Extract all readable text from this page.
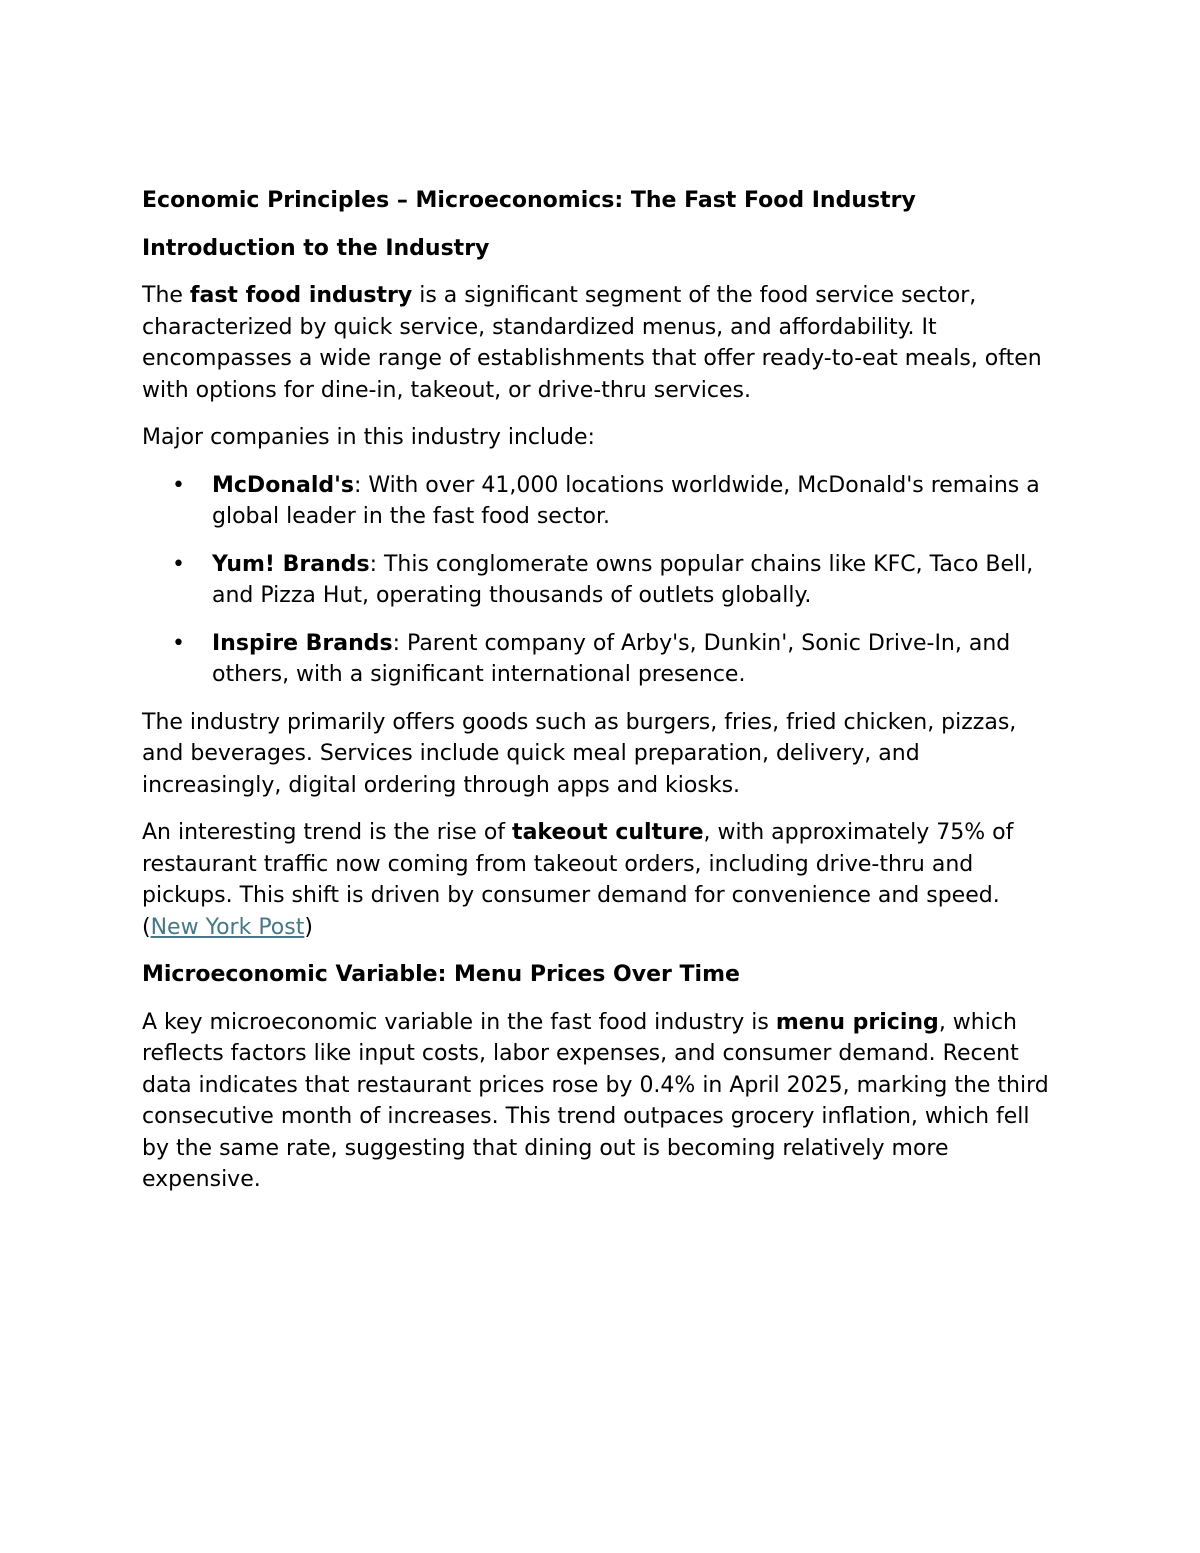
Economic Principles – Microeconomics: The Fast Food Industry

Introduction to the Industry

The fast food industry is a significant segment of the food service sector, characterized by quick service, standardized menus, and affordability. It encompasses a wide range of establishments that offer ready-to-eat meals, often with options for dine-in, takeout, or drive-thru services.

Major companies in this industry include:

• McDonald's: With over 41,000 locations worldwide, McDonald's remains a global leader in the fast food sector.
• Yum! Brands: This conglomerate owns popular chains like KFC, Taco Bell, and Pizza Hut, operating thousands of outlets globally.
• Inspire Brands: Parent company of Arby's, Dunkin', Sonic Drive-In, and others, with a significant international presence.

The industry primarily offers goods such as burgers, fries, fried chicken, pizzas, and beverages. Services include quick meal preparation, delivery, and increasingly, digital ordering through apps and kiosks.

An interesting trend is the rise of takeout culture, with approximately 75% of restaurant traffic now coming from takeout orders, including drive-thru and pickups. This shift is driven by consumer demand for convenience and speed. (New York Post)

Microeconomic Variable: Menu Prices Over Time

A key microeconomic variable in the fast food industry is menu pricing, which reflects factors like input costs, labor expenses, and consumer demand. Recent data indicates that restaurant prices rose by 0.4% in April 2025, marking the third consecutive month of increases. This trend outpaces grocery inflation, which fell by the same rate, suggesting that dining out is becoming relatively more expensive.
